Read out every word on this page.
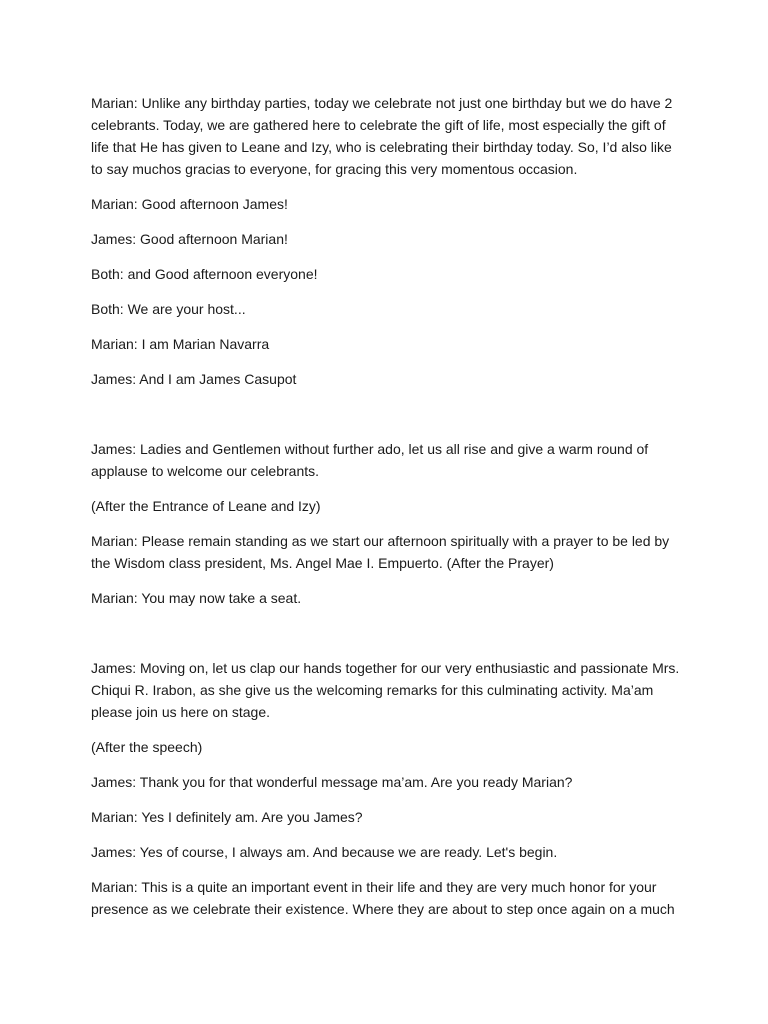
Marian: Unlike any birthday parties, today we celebrate not just one birthday but we do have 2 celebrants. Today, we are gathered here to celebrate the gift of life, most especially the gift of life that He has given to Leane and Izy, who is celebrating their birthday today. So, I’d also like to say muchos gracias to everyone, for gracing this very momentous occasion.

Marian: Good afternoon James!

James: Good afternoon Marian!

Both: and Good afternoon everyone!

Both: We are your host...

Marian: I am Marian Navarra

James: And I am James Casupot

James: Ladies and Gentlemen without further ado, let us all rise and give a warm round of applause to welcome our celebrants.

(After the Entrance of Leane and Izy)

Marian: Please remain standing as we start our afternoon spiritually with a prayer to be led by the Wisdom class president, Ms. Angel Mae I. Empuerto. (After the Prayer)

Marian: You may now take a seat.

James: Moving on, let us clap our hands together for our very enthusiastic and passionate Mrs. Chiqui R. Irabon, as she give us the welcoming remarks for this culminating activity. Ma’am please join us here on stage.

(After the speech)

James: Thank you for that wonderful message ma’am. Are you ready Marian?

Marian: Yes I definitely am. Are you James?

James: Yes of course, I always am. And because we are ready. Let's begin.

Marian: This is a quite an important event in their life and they are very much honor for your presence as we celebrate their existence. Where they are about to step once again on a much
